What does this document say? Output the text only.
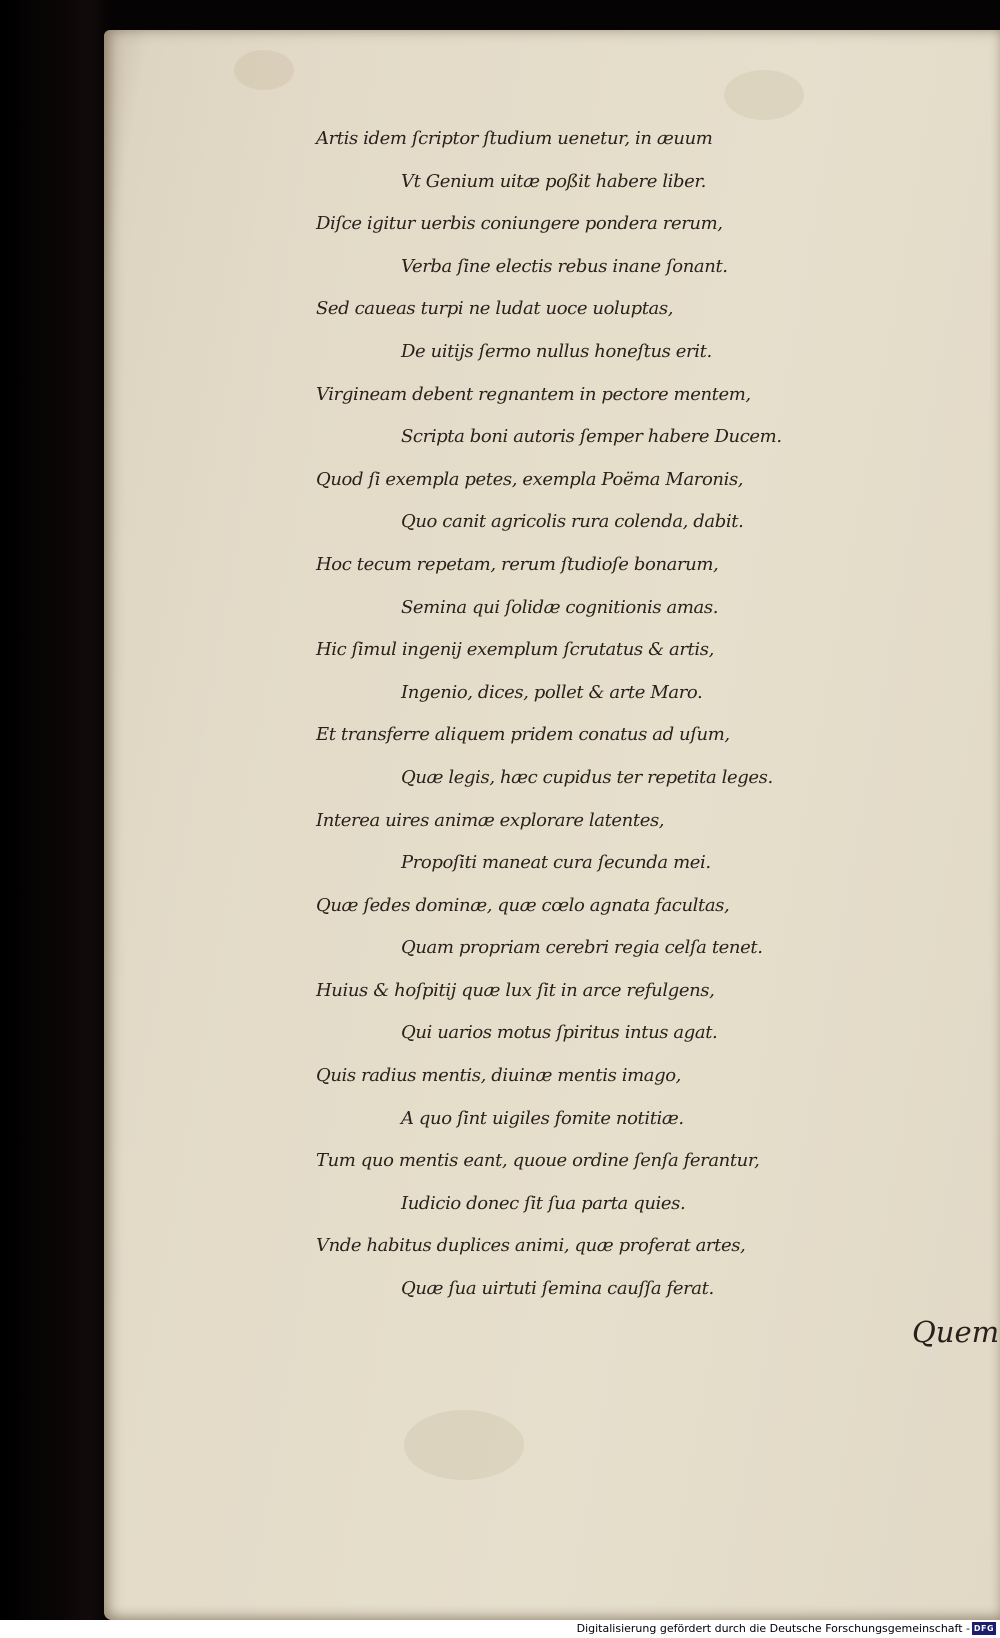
Artis idem ſcriptor ſtudium uenetur, in æuum
Vt Genium uitæ poßit habere liber.
Diſce igitur uerbis coniungere pondera rerum,
Verba ſine electis rebus inane ſonant.
Sed caueas turpi ne ludat uoce uoluptas,
De uitijs ſermo nullus honeſtus erit.
Virgineam debent regnantem in pectore mentem,
Scripta boni autoris ſemper habere Ducem.
Quod ſi exempla petes, exempla Poëma Maronis,
Quo canit agricolis rura colenda, dabit.
Hoc tecum repetam, rerum ſtudioſe bonarum,
Semina qui ſolidæ cognitionis amas.
Hic ſimul ingenij exemplum ſcrutatus & artis,
Ingenio, dices, pollet & arte Maro.
Et transferre aliquem pridem conatus ad uſum,
Quæ legis, hæc cupidus ter repetita leges.
Interea uires animæ explorare latentes,
Propoſiti maneat cura ſecunda mei.
Quæ ſedes dominæ, quæ cœlo agnata facultas,
Quam propriam cerebri regia celſa tenet.
Huius & hoſpitij quæ lux ſit in arce refulgens,
Qui uarios motus ſpiritus intus agat.
Quis radius mentis, diuinæ mentis imago,
A quo ſint uigiles fomite notitiæ.
Tum quo mentis eant, quoue ordine ſenſa ferantur,
Iudicio donec ſit ſua parta quies.
Vnde habitus duplices animi, quæ proferat artes,
Quæ ſua uirtuti ſemina cauſſa ferat.
Quem
Digitalisierung gefördert durch die Deutsche Forschungsgemeinschaft - DFG
